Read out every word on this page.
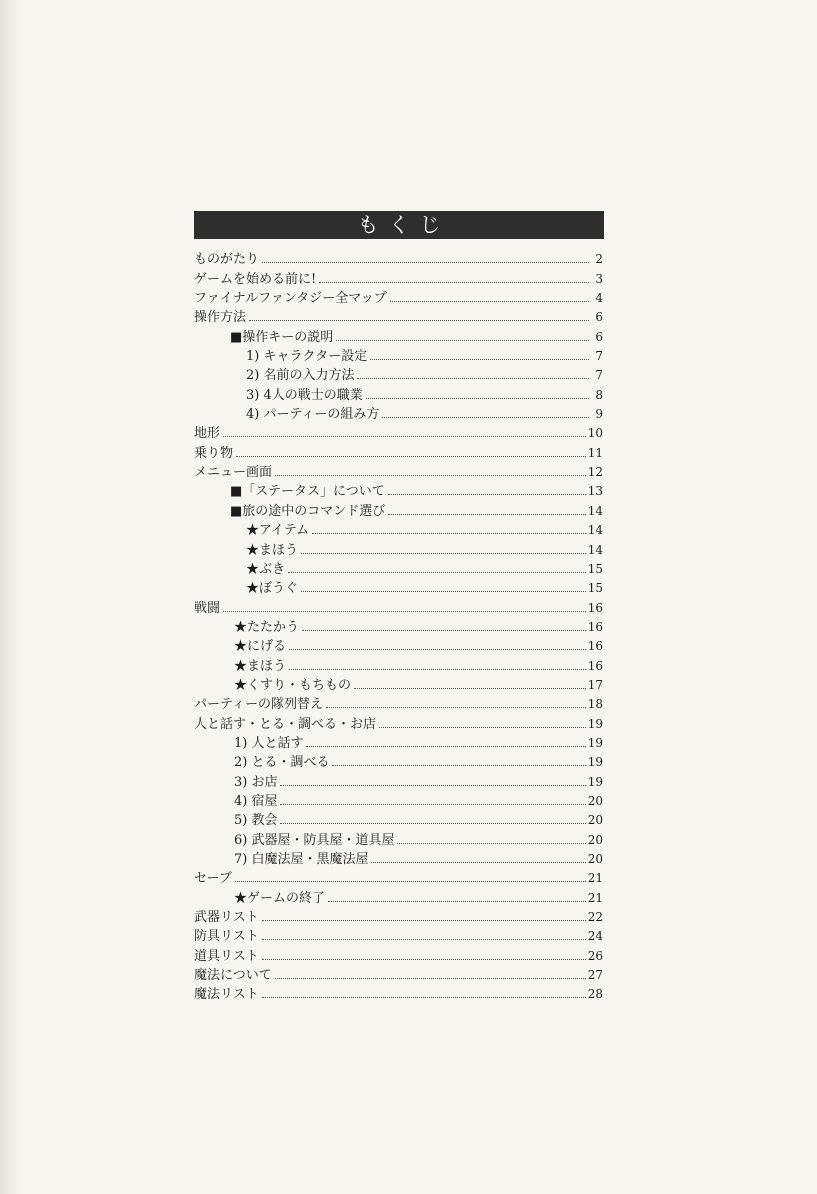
もくじ
ものがたり	2
ゲームを始める前に!	3
ファイナルファンタジー全マップ	4
操作方法	6
■操作キーの説明	6
1) キャラクター設定	7
2) 名前の入力方法	7
3) 4人の戦士の職業	8
4) パーティーの組み方	9
地形	10
乗り物	11
メニュー画面	12
■「ステータス」について	13
■旅の途中のコマンド選び	14
★アイテム	14
★まほう	14
★ぶき	15
★ぼうぐ	15
戦闘	16
★たたかう	16
★にげる	16
★まほう	16
★くすり・もちもの	17
パーティーの隊列替え	18
人と話す・とる・調べる・お店	19
1) 人と話す	19
2) とる・調べる	19
3) お店	19
4) 宿屋	20
5) 教会	20
6) 武器屋・防具屋・道具屋	20
7) 白魔法屋・黒魔法屋	20
セーブ	21
★ゲームの終了	21
武器リスト	22
防具リスト	24
道具リスト	26
魔法について	27
魔法リスト	28
